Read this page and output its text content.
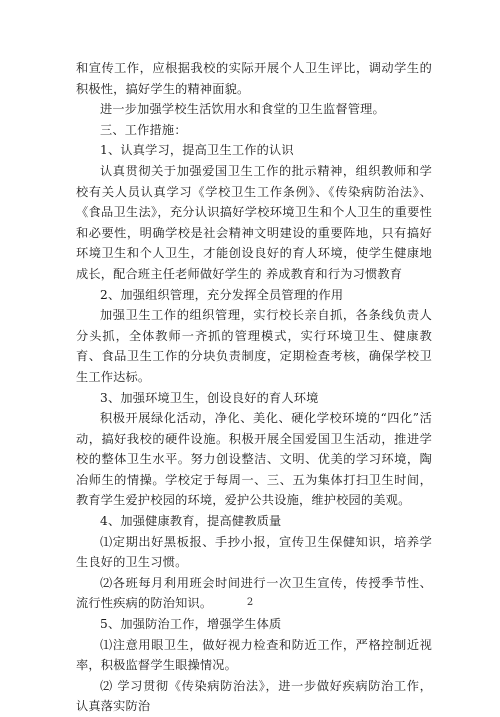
和宣传工作，应根据我校的实际开展个人卫生评比，调动学生的积极性，搞好学生的精神面貌。

进一步加强学校生活饮用水和食堂的卫生监督管理。

三、工作措施：

1、认真学习，提高卫生工作的认识

认真贯彻关于加强爱国卫生工作的批示精神，组织教师和学校有关人员认真学习《学校卫生工作条例》、《传染病防治法》、《食品卫生法》，充分认识搞好学校环境卫生和个人卫生的重要性和必要性，明确学校是社会精神文明建设的重要阵地，只有搞好环境卫生和个人卫生，才能创设良好的育人环境，使学生健康地成长，配合班主任老师做好学生的 养成教育和行为习惯教育

2、加强组织管理，充分发挥全员管理的作用

加强卫生工作的组织管理，实行校长亲自抓，各条线负责人分头抓，全体教师一齐抓的管理模式，实行环境卫生、健康教育、食品卫生工作的分块负责制度，定期检查考核，确保学校卫生工作达标。

3、加强环境卫生，创设良好的育人环境

积极开展绿化活动，净化、美化、硬化学校环境的“四化”活动，搞好我校的硬件设施。积极开展全国爱国卫生活动，推进学校的整体卫生水平。努力创设整洁、文明、优美的学习环境，陶冶师生的情操。学校定于每周一、三、五为集体打扫卫生时间，教育学生爱护校园的环境，爱护公共设施，维护校园的美观。

4、加强健康教育，提高健教质量

⑴定期出好黑板报、手抄小报，宣传卫生保健知识，培养学生良好的卫生习惯。

⑵各班每月利用班会时间进行一次卫生宣传，传授季节性、流行性疾病的防治知识。

5、加强防治工作，增强学生体质

⑴注意用眼卫生，做好视力检查和防近工作，严格控制近视率，积极监督学生眼操情况。

⑵ 学习贯彻《传染病防治法》，进一步做好疾病防治工作，认真落实防治

2
